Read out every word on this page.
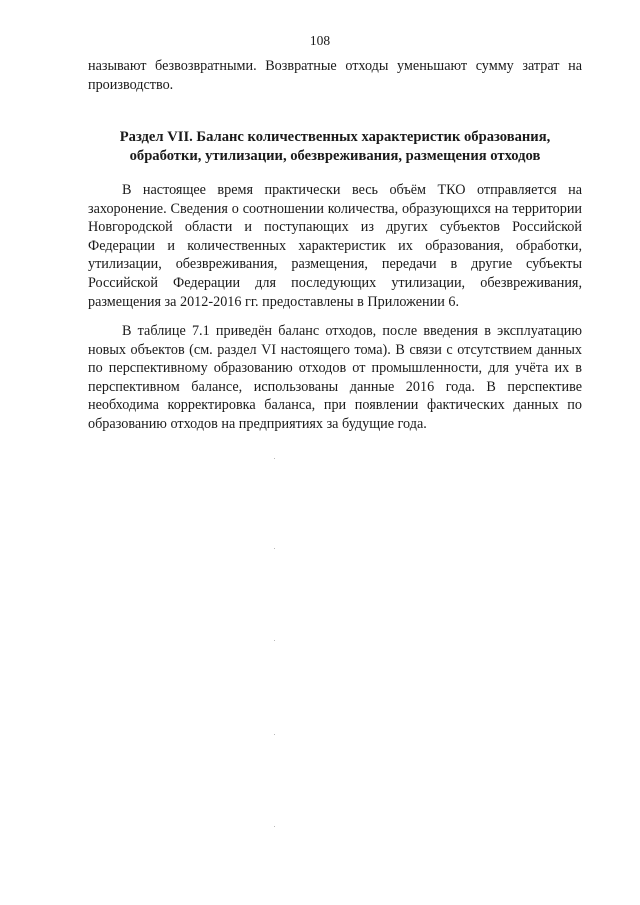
108

называют безвозвратными. Возвратные отходы уменьшают сумму затрат на производство.

Раздел VII. Баланс количественных характеристик образования,
обработки, утилизации, обезвреживания, размещения отходов

В настоящее время практически весь объём ТКО отправляется на захоронение. Сведения о соотношении количества, образующихся на территории Новгородской области и поступающих из других субъектов Российской Федерации и количественных характеристик их образования, обработки, утилизации, обезвреживания, размещения, передачи в другие субъекты Российской Федерации для последующих утилизации, обезвреживания, размещения за 2012-2016 гг. предоставлены в Приложении 6.

В таблице 7.1 приведён баланс отходов, после введения в эксплуатацию новых объектов (см. раздел VI настоящего тома). В связи с отсутствием данных по перспективному образованию отходов от промышленности, для учёта их в перспективном балансе, использованы данные 2016 года. В перспективе необходима корректировка баланса, при появлении фактических данных по образованию отходов на предприятиях за будущие года.
